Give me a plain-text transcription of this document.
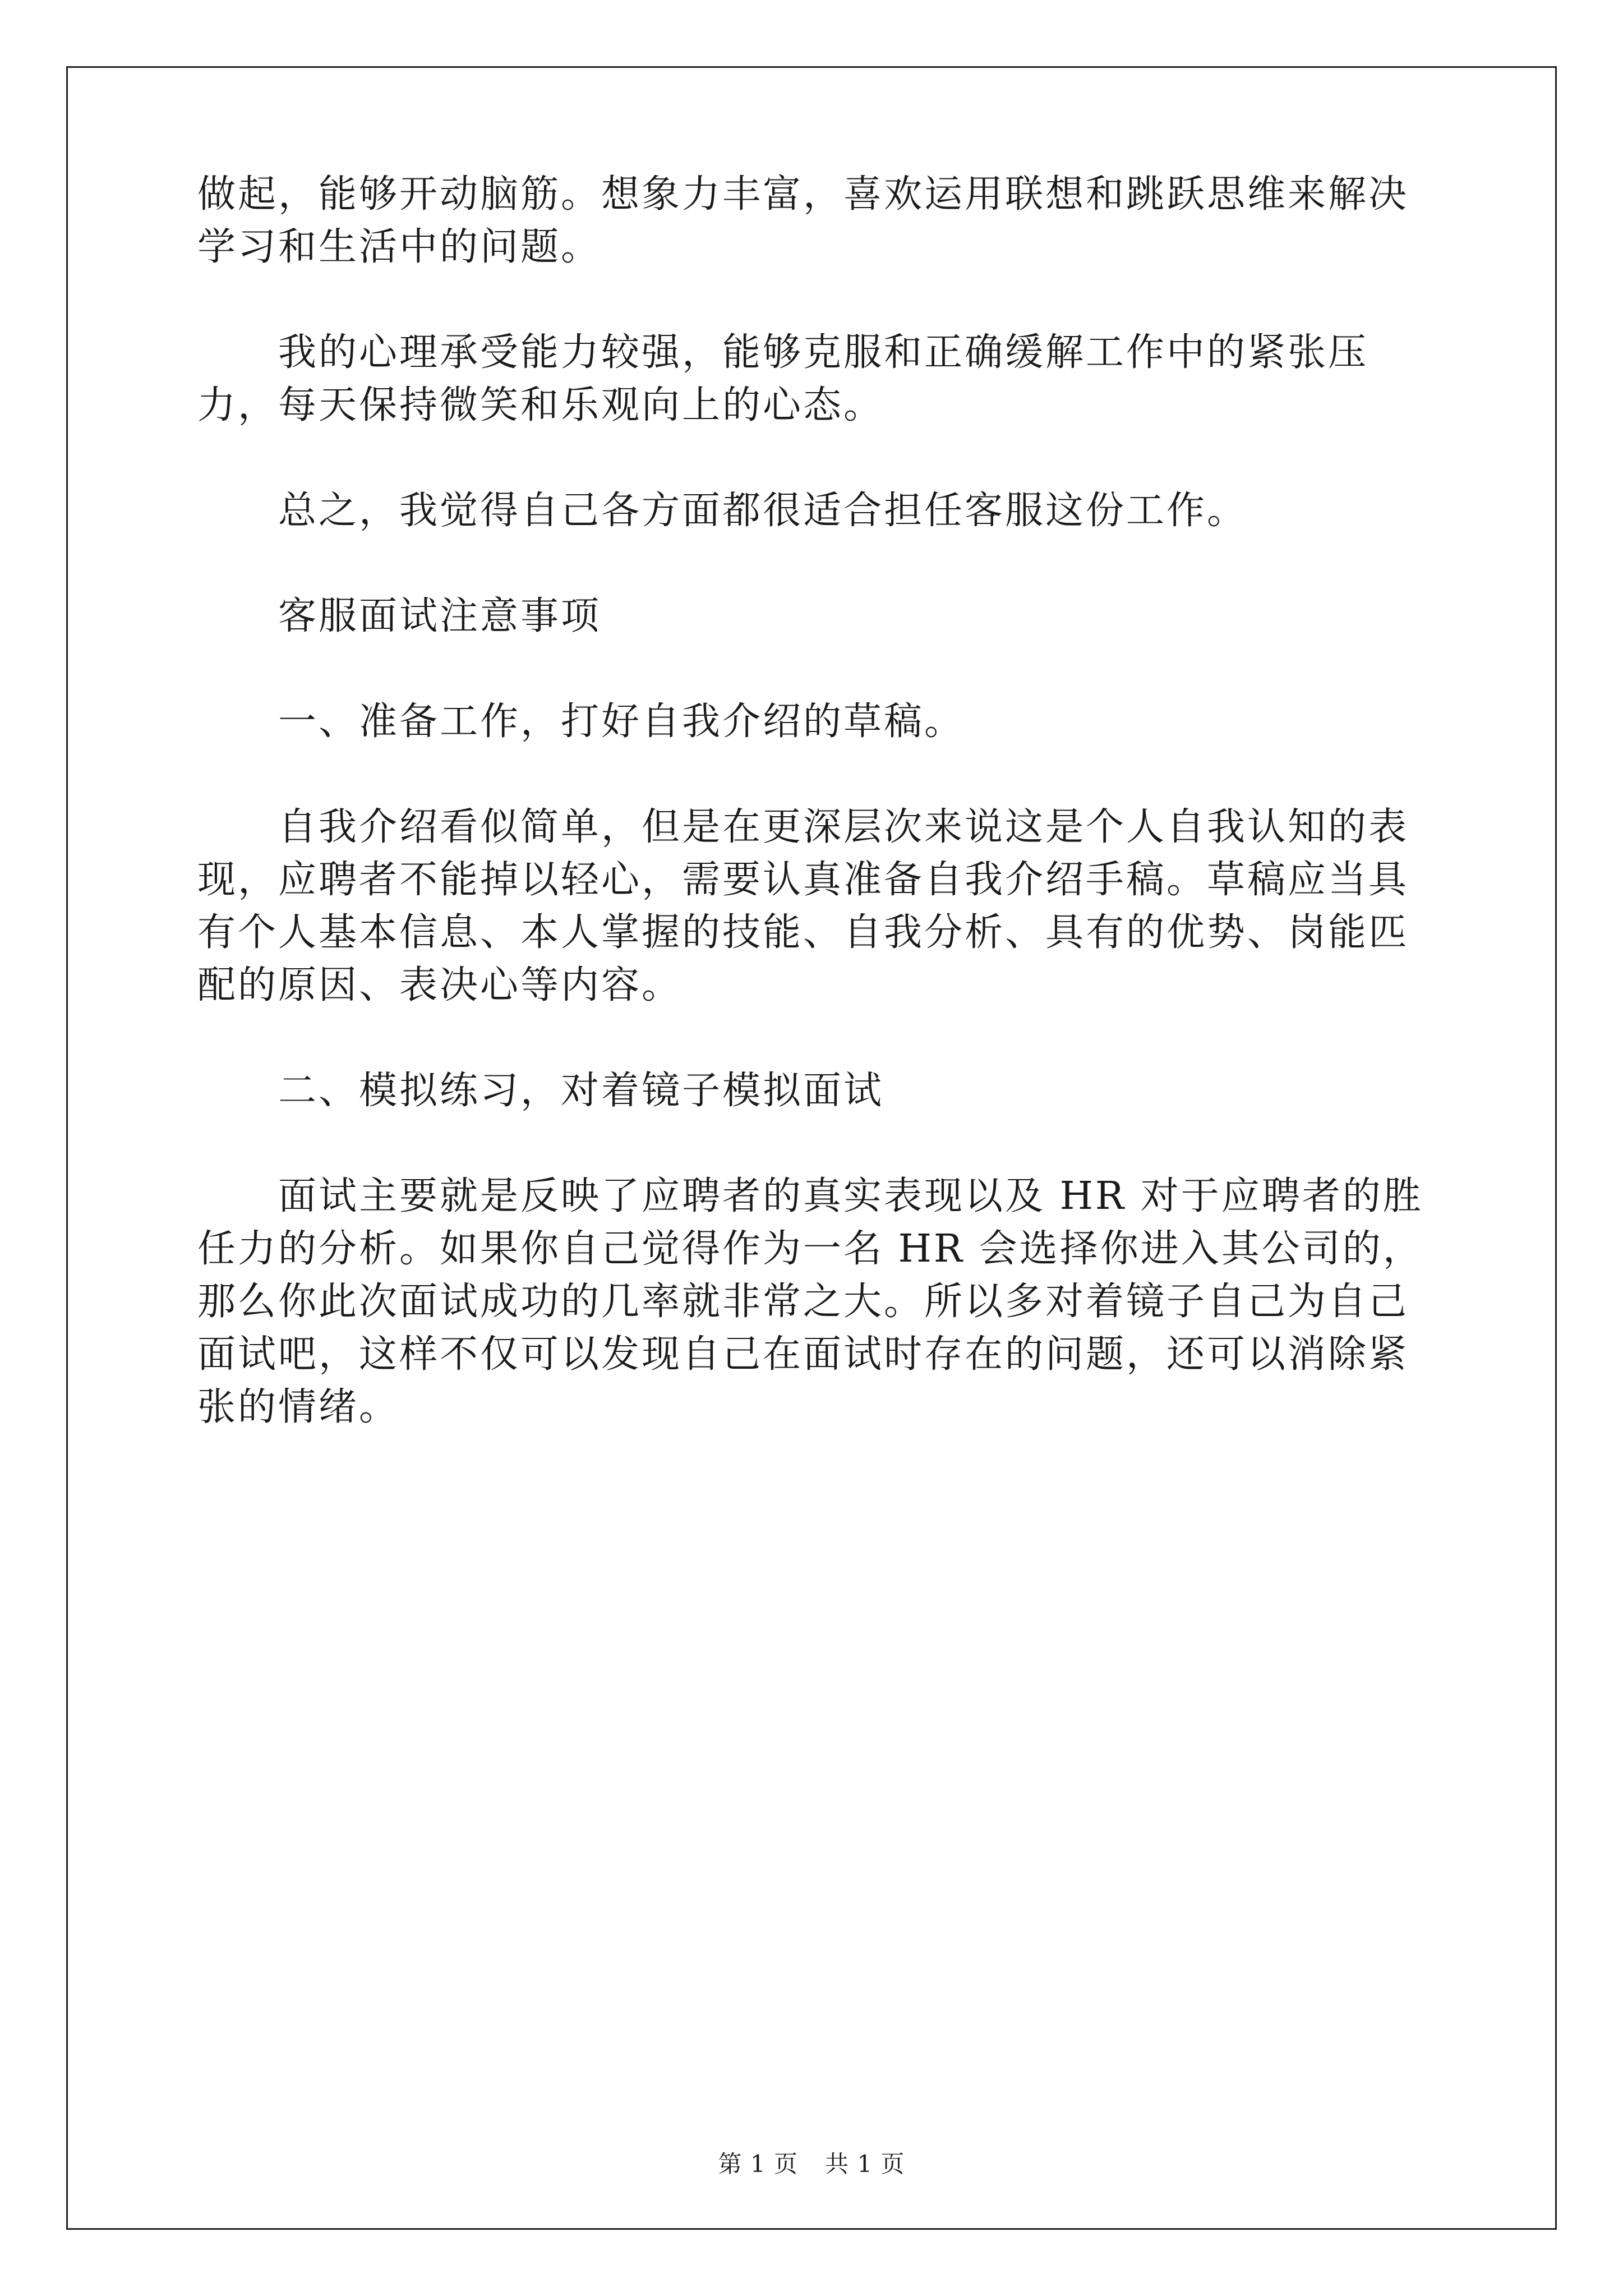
做起，能够开动脑筋。想象力丰富，喜欢运用联想和跳跃思维来解决学习和生活中的问题。

我的心理承受能力较强，能够克服和正确缓解工作中的紧张压力，每天保持微笑和乐观向上的心态。

总之，我觉得自己各方面都很适合担任客服这份工作。

客服面试注意事项

一、准备工作，打好自我介绍的草稿。

自我介绍看似简单，但是在更深层次来说这是个人自我认知的表现，应聘者不能掉以轻心，需要认真准备自我介绍手稿。草稿应当具有个人基本信息、本人掌握的技能、自我分析、具有的优势、岗能匹配的原因、表决心等内容。

二、模拟练习，对着镜子模拟面试

面试主要就是反映了应聘者的真实表现以及 HR 对于应聘者的胜任力的分析。如果你自己觉得作为一名 HR 会选择你进入其公司的，那么你此次面试成功的几率就非常之大。所以多对着镜子自己为自己面试吧，这样不仅可以发现自己在面试时存在的问题，还可以消除紧张的情绪。

第 1 页 共 1 页
